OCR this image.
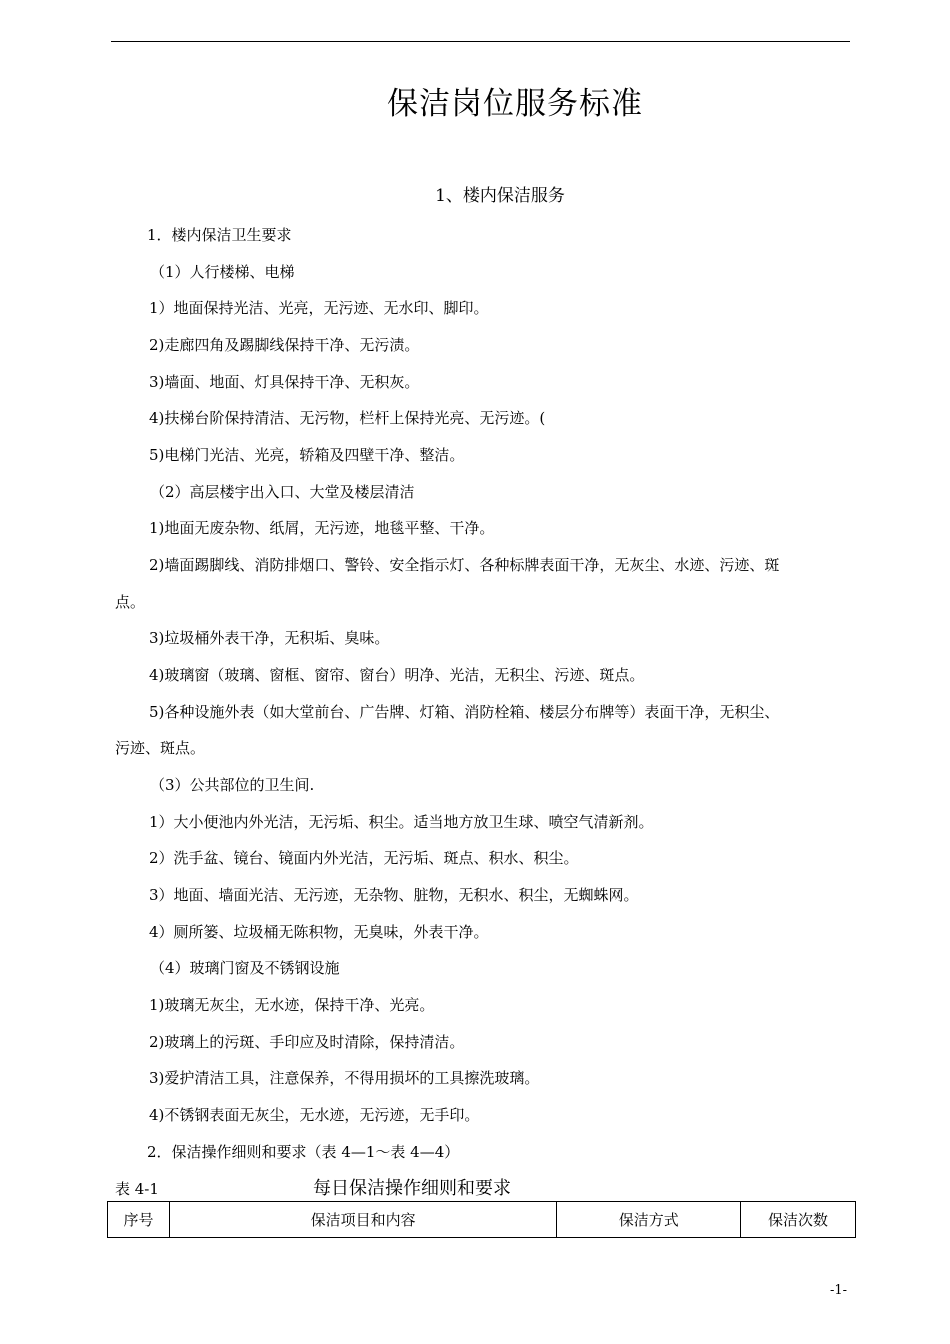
保洁岗位服务标准
1、楼内保洁服务
1．楼内保洁卫生要求
（1）人行楼梯、电梯
1）地面保持光洁、光亮，无污迹、无水印、脚印。
2)走廊四角及踢脚线保持干净、无污渍。
3)墙面、地面、灯具保持干净、无积灰。
4)扶梯台阶保持清洁、无污物，栏杆上保持光亮、无污迹。(
5)电梯门光洁、光亮，轿箱及四壁干净、整洁。
（2）高层楼宇出入口、大堂及楼层清洁
1)地面无废杂物、纸屑，无污迹，地毯平整、干净。
2)墙面踢脚线、消防排烟口、警铃、安全指示灯、各种标牌表面干净，无灰尘、水迹、污迹、斑
点。
3)垃圾桶外表干净，无积垢、臭味。
4)玻璃窗（玻璃、窗框、窗帘、窗台）明净、光洁，无积尘、污迹、斑点。
5)各种设施外表（如大堂前台、广告牌、灯箱、消防栓箱、楼层分布牌等）表面干净，无积尘、
污迹、斑点。
（3）公共部位的卫生间.
1）大小便池内外光洁，无污垢、积尘。适当地方放卫生球、喷空气清新剂。
2）洗手盆、镜台、镜面内外光洁，无污垢、斑点、积水、积尘。
3）地面、墙面光洁、无污迹，无杂物、脏物，无积水、积尘，无蜘蛛网。
4）厕所篓、垃圾桶无陈积物，无臭味，外表干净。
（4）玻璃门窗及不锈钢设施
1)玻璃无灰尘，无水迹，保持干净、光亮。
2)玻璃上的污斑、手印应及时清除，保持清洁。
3)爱护清洁工具，注意保养，不得用损坏的工具擦洗玻璃。
4)不锈钢表面无灰尘，无水迹，无污迹，无手印。
2．保洁操作细则和要求（表 4—1～表 4—4）
表 4-1	每日保洁操作细则和要求
序号	保洁项目和内容	保洁方式	保洁次数
-1-
